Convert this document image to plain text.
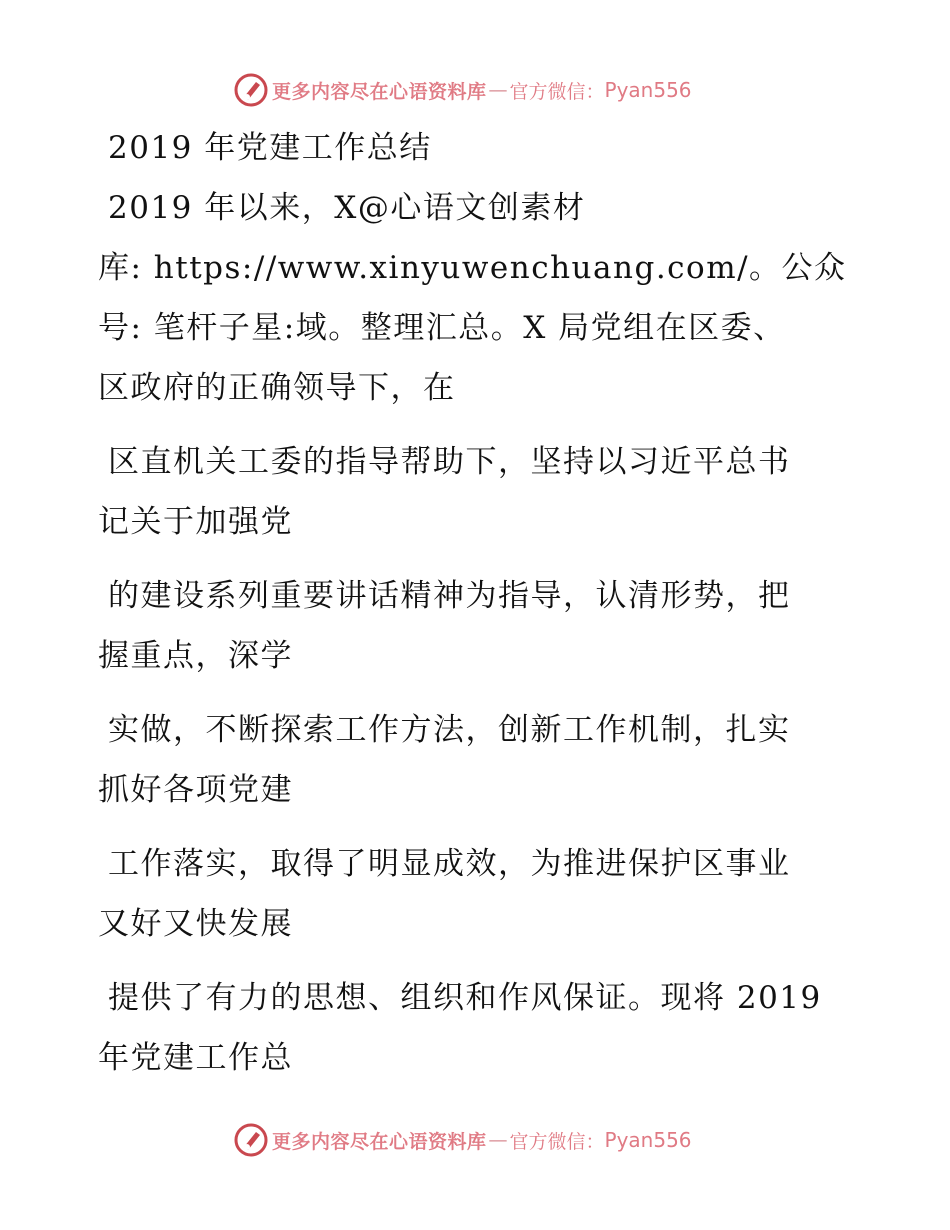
更多内容尽在心语资料库 — 官方微信： Pyan556

2019 年党建工作总结

2019 年以来，X@心语文创素材
库: https://www.xinyuwenchuang.com/。公众
号: 笔杆子星:域。整理汇总。X 局党组在区委、
区政府的正确领导下，在

区直机关工委的指导帮助下，坚持以习近平总书
记关于加强党

的建设系列重要讲话精神为指导，认清形势，把
握重点，深学

实做，不断探索工作方法，创新工作机制，扎实
抓好各项党建

工作落实，取得了明显成效，为推进保护区事业
又好又快发展

提供了有力的思想、组织和作风保证。现将 2019
年党建工作总

更多内容尽在心语资料库 — 官方微信： Pyan556
